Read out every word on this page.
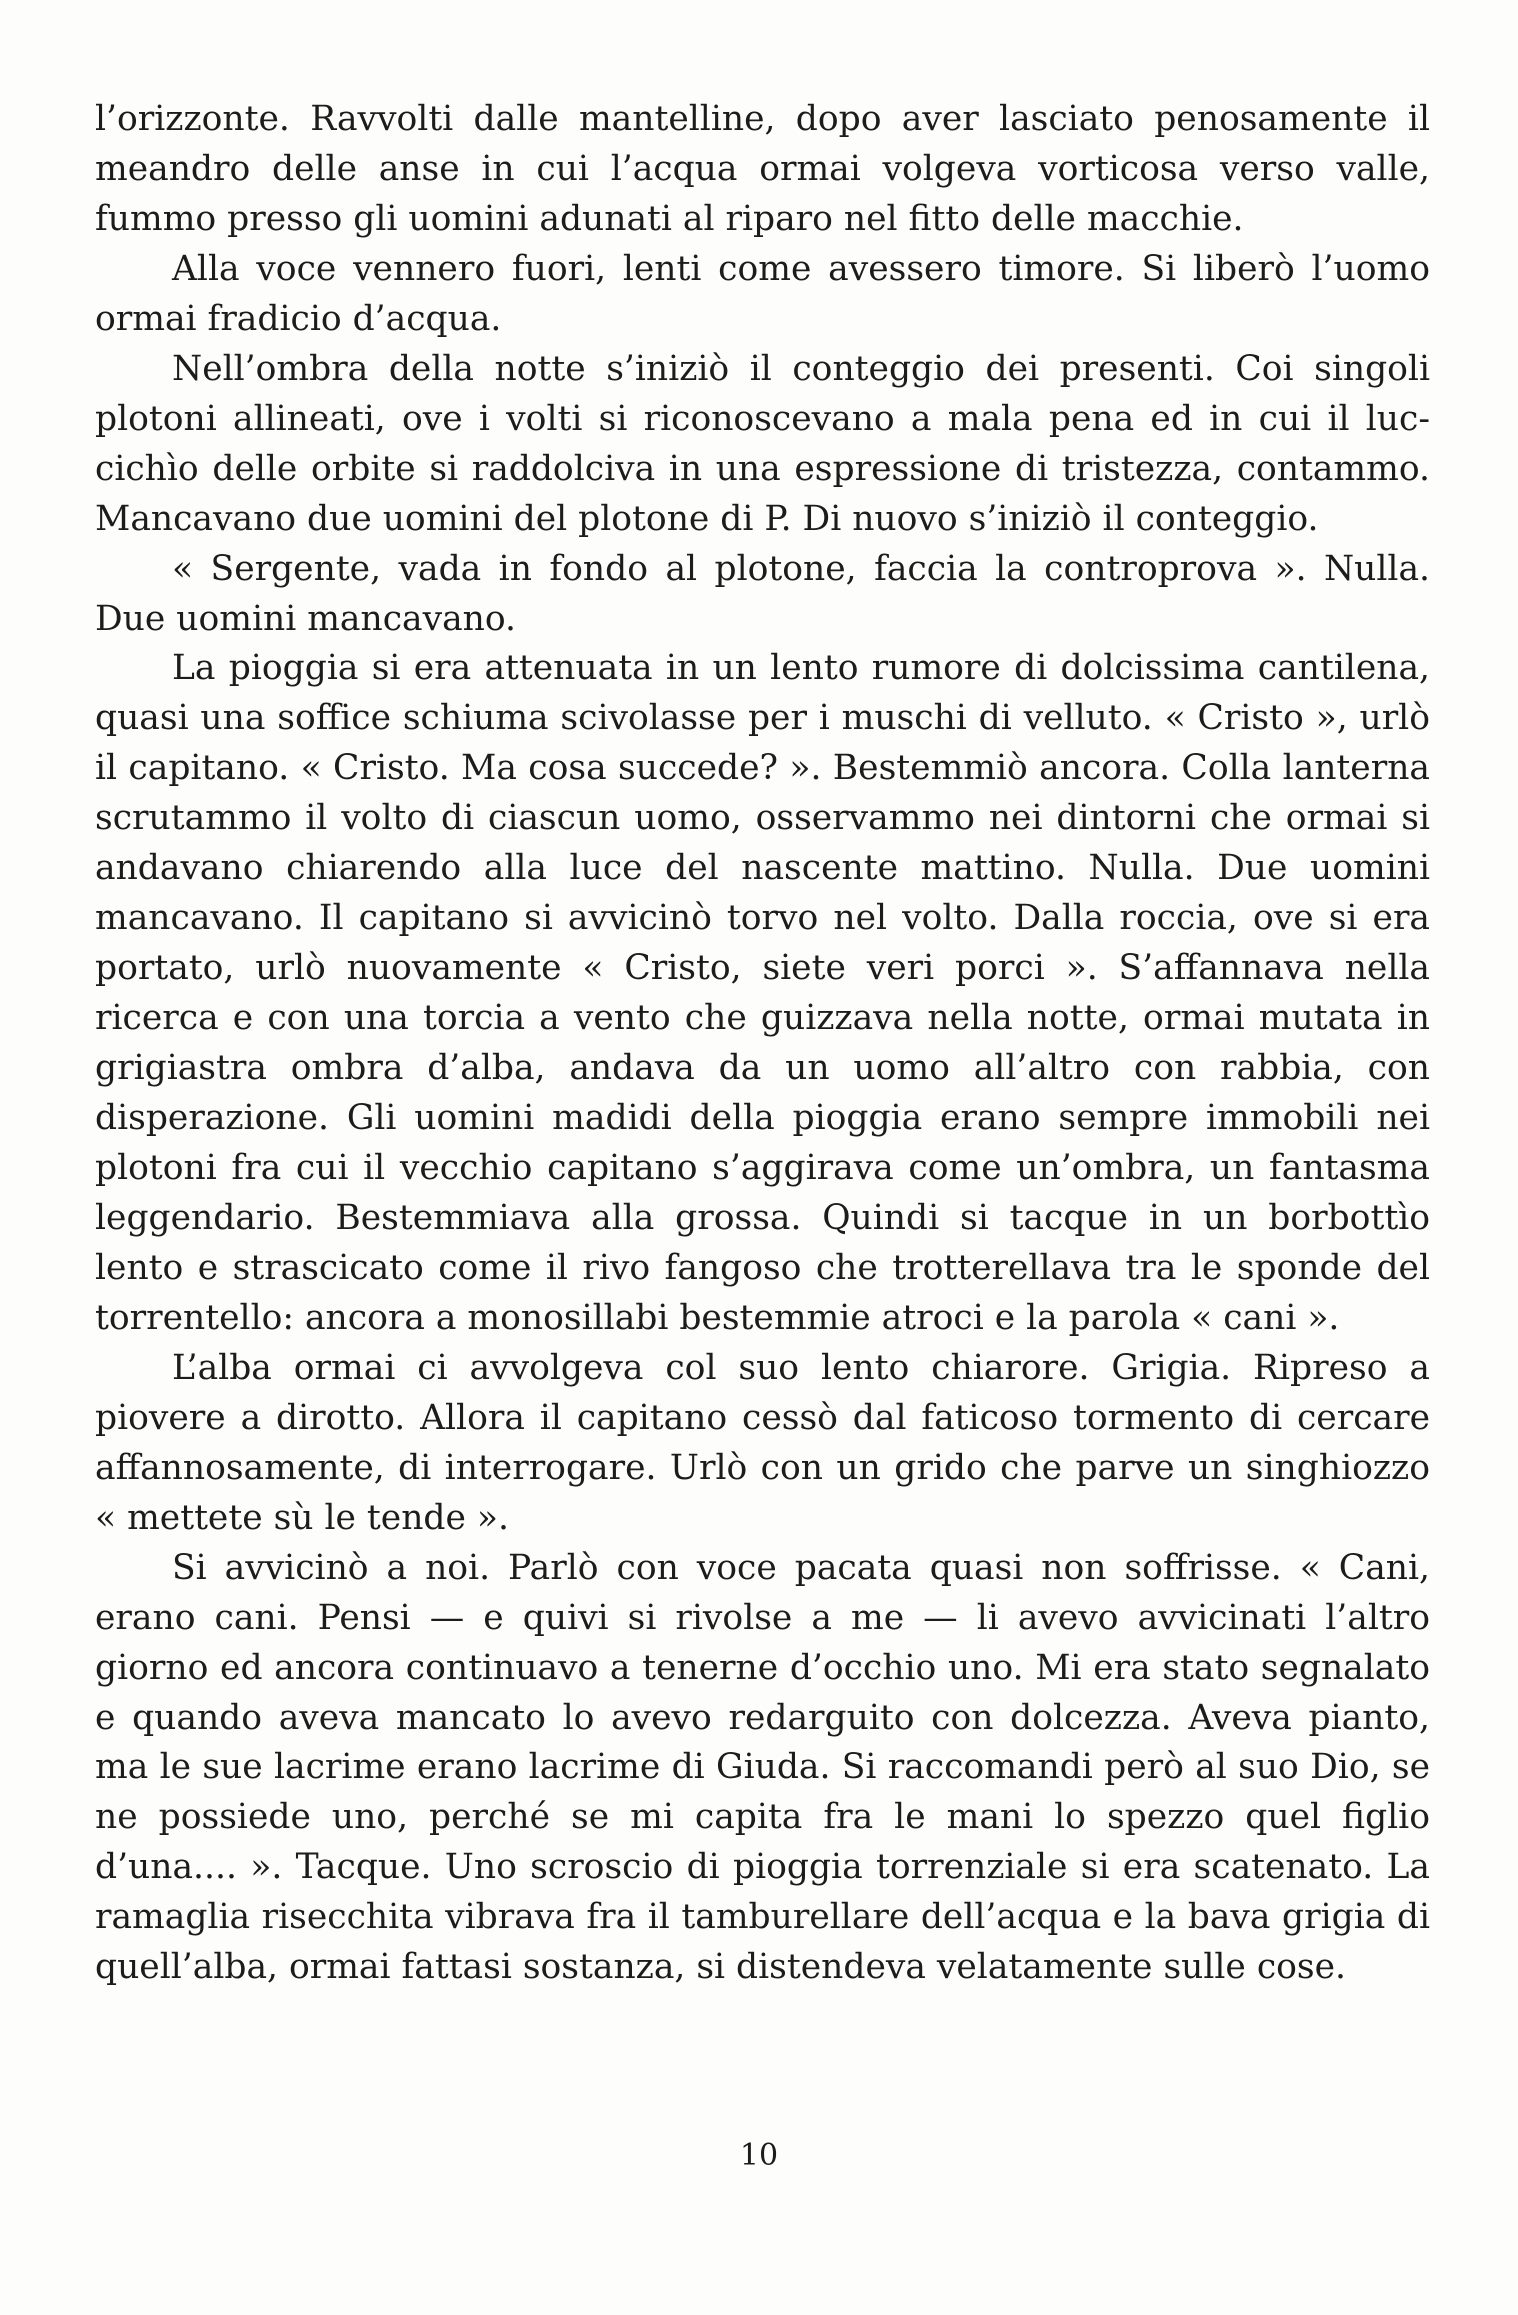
l’orizzonte. Ravvolti dalle mantelline, dopo aver lasciato penosamente il meandro delle anse in cui l’acqua ormai volgeva vorticosa verso valle, fummo presso gli uomini adunati al riparo nel fitto delle macchie.

Alla voce vennero fuori, lenti come avessero timore. Si liberò l’uomo ormai fradicio d’acqua.

Nell’ombra della notte s’iniziò il conteggio dei presenti. Coi singoli plotoni allineati, ove i volti si riconoscevano a mala pena ed in cui il luccichìo delle orbite si raddolciva in una espressione di tristezza, contammo. Mancavano due uomini del plotone di P. Di nuovo s’iniziò il conteggio.

« Sergente, vada in fondo al plotone, faccia la controprova ». Nulla. Due uomini mancavano.

La pioggia si era attenuata in un lento rumore di dolcissima cantilena, quasi una soffice schiuma scivolasse per i muschi di velluto. « Cristo », urlò il capitano. « Cristo. Ma cosa succede? ». Bestemmiò ancora. Colla lanterna scrutammo il volto di ciascun uomo, osservammo nei dintorni che ormai si andavano chiarendo alla luce del nascente mattino. Nulla. Due uomini mancavano. Il capitano si avvicinò torvo nel volto. Dalla roccia, ove si era portato, urlò nuovamente « Cristo, siete veri porci ». S’affannava nella ricerca e con una torcia a vento che guizzava nella notte, ormai mutata in grigiastra ombra d’alba, andava da un uomo all’altro con rabbia, con disperazione. Gli uomini madidi della pioggia erano sempre immobili nei plotoni fra cui il vecchio capitano s’aggirava come un’ombra, un fantasma leggendario. Bestemmiava alla grossa. Quindi si tacque in un borbottìo lento e strascicato come il rivo fangoso che trotterellava tra le sponde del torrentello: ancora a monosillabi bestemmie atroci e la parola « cani ».

L’alba ormai ci avvolgeva col suo lento chiarore. Grigia. Ripreso a piovere a dirotto. Allora il capitano cessò dal faticoso tormento di cercare affannosamente, di interrogare. Urlò con un grido che parve un singhiozzo « mettete sù le tende ».

Si avvicinò a noi. Parlò con voce pacata quasi non soffrisse. « Cani, erano cani. Pensi — e quivi si rivolse a me — li avevo avvicinati l’altro giorno ed ancora continuavo a tenerne d’occhio uno. Mi era stato segnalato e quando aveva mancato lo avevo redarguito con dolcezza. Aveva pianto, ma le sue lacrime erano lacrime di Giuda. Si raccomandi però al suo Dio, se ne possiede uno, perché se mi capita fra le mani lo spezzo quel figlio d’una.... ». Tacque. Uno scroscio di pioggia torrenziale si era scatenato. La ramaglia risecchita vibrava fra il tamburellare dell’acqua e la bava grigia di quell’alba, ormai fattasi sostanza, si distendeva velatamente sulle cose.

10
